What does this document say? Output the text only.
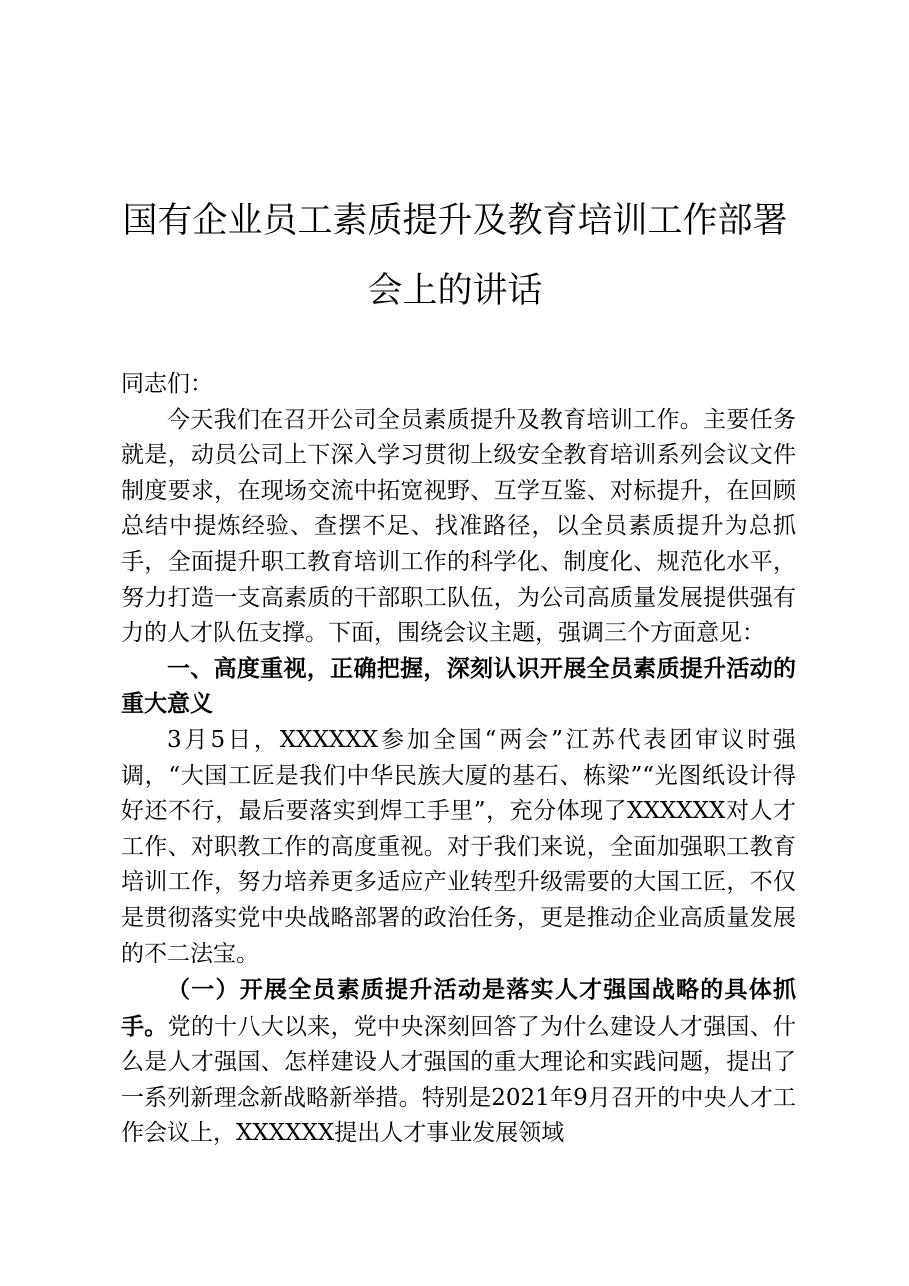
国有企业员工素质提升及教育培训工作部署会上的讲话

同志们：

今天我们在召开公司全员素质提升及教育培训工作。主要任务就是，动员公司上下深入学习贯彻上级安全教育培训系列会议文件制度要求，在现场交流中拓宽视野、互学互鉴、对标提升，在回顾总结中提炼经验、查摆不足、找准路径，以全员素质提升为总抓手，全面提升职工教育培训工作的科学化、制度化、规范化水平，努力打造一支高素质的干部职工队伍，为公司高质量发展提供强有力的人才队伍支撑。下面，围绕会议主题，强调三个方面意见：

一、高度重视，正确把握，深刻认识开展全员素质提升活动的重大意义

3月5日，XXXXXX参加全国“两会”江苏代表团审议时强调，“大国工匠是我们中华民族大厦的基石、栋梁”“光图纸设计得好还不行，最后要落实到焊工手里”，充分体现了XXXXXX对人才工作、对职教工作的高度重视。对于我们来说，全面加强职工教育培训工作，努力培养更多适应产业转型升级需要的大国工匠，不仅是贯彻落实党中央战略部署的政治任务，更是推动企业高质量发展的不二法宝。

（一）开展全员素质提升活动是落实人才强国战略的具体抓手。党的十八大以来，党中央深刻回答了为什么建设人才强国、什么是人才强国、怎样建设人才强国的重大理论和实践问题，提出了一系列新理念新战略新举措。特别是2021年9月召开的中央人才工作会议上，XXXXXX提出人才事业发展领域
